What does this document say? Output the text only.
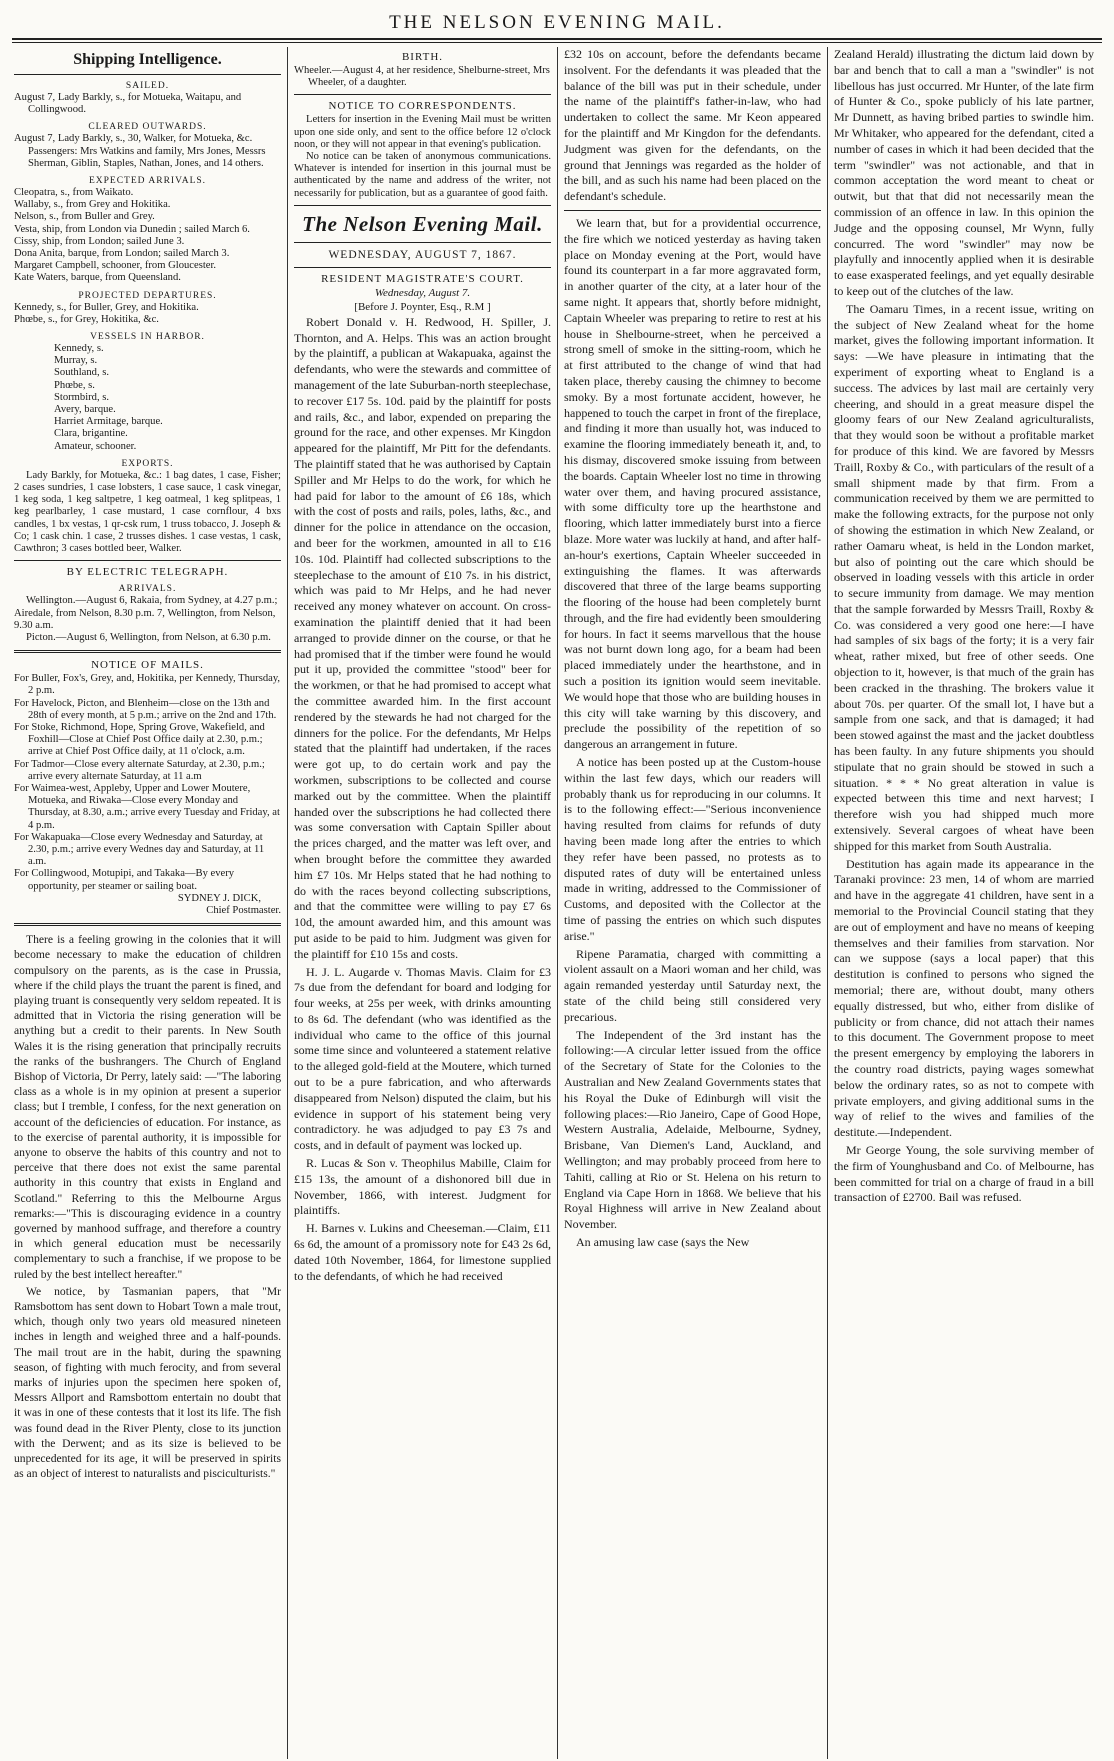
THE NELSON EVENING MAIL.
Shipping Intelligence.
SAILED.

August 7, Lady Barkly, s., for Motueka, Waitapu, and Collingwood.

CLEARED OUTWARDS.

August 7, Lady Barkly, s., 30, Walker, for Motueka, &c. Passengers: Mrs Watkins and family, Mrs Jones, Messrs Sherman, Giblin, Staples, Nathan, Jones, and 14 others.

EXPECTED ARRIVALS.

Cleopatra, s., from Waikato.

Wallaby, s., from Grey and Hokitika.

Nelson, s., from Buller and Grey.

Vesta, ship, from London via Dunedin ; sailed March 6.

Cissy, ship, from London; sailed June 3.

Dona Anita, barque, from London; sailed March 3.

Margaret Campbell, schooner, from Gloucester.

Kate Waters, barque, from Queensland.

PROJECTED DEPARTURES.

Kennedy, s., for Buller, Grey, and Hokitika.

Phœbe, s., for Grey, Hokitika, &c.

VESSELS IN HARBOR.

Kennedy, s.

Murray, s.

Southland, s.

Phœbe, s.

Stormbird, s.

Avery, barque.

Harriet Armitage, barque.

Clara, brigantine.

Amateur, schooner.

EXPORTS.

Lady Barkly, for Motueka, &c.: 1 bag dates, 1 case, Fisher; 2 cases sundries, 1 case lobsters, 1 case sauce, 1 cask vinegar, 1 keg soda, 1 keg saltpetre, 1 keg oatmeal, 1 keg splitpeas, 1 keg pearlbarley, 1 case mustard, 1 case cornflour, 4 bxs candles, 1 bx vestas, 1 qr-csk rum, 1 truss tobacco, J. Joseph & Co; 1 cask chin. 1 case, 2 trusses dishes. 1 case vestas, 1 cask, Cawthron; 3 cases bottled beer, Walker.

BY ELECTRIC TELEGRAPH.
ARRIVALS.

Wellington.—August 6, Rakaia, from Sydney, at 4.27 p.m.; Airedale, from Nelson, 8.30 p.m. 7, Wellington, from Nelson, 9.30 a.m.

Picton.—August 6, Wellington, from Nelson, at 6.30 p.m.

NOTICE OF MAILS.

For Buller, Fox's, Grey, and, Hokitika, per Kennedy, Thursday, 2 p.m.

For Havelock, Picton, and Blenheim—close on the 13th and 28th of every month, at 5 p.m.; arrive on the 2nd and 17th.

For Stoke, Richmond, Hope, Spring Grove, Wakefield, and Foxhill—Close at Chief Post Office daily at 2.30, p.m.; arrive at Chief Post Office daily, at 11 o'clock, a.m.

For Tadmor—Close every alternate Saturday, at 2.30, p.m.; arrive every alternate Saturday, at 11 a.m

For Waimea-west, Appleby, Upper and Lower Moutere, Motueka, and Riwaka—Close every Monday and Thursday, at 8.30, a.m.; arrive every Tuesday and Friday, at 4 p.m.

For Wakapuaka—Close every Wednesday and Saturday, at 2.30, p.m.; arrive every Wednes day and Saturday, at 11 a.m.

For Collingwood, Motupipi, and Takaka—By every opportunity, per steamer or sailing boat.

SYDNEY J. DICK,

Chief Postmaster.

There is a feeling growing in the colonies that it will become necessary to make the education of children compulsory on the parents, as is the case in Prussia, where if the child plays the truant the parent is fined, and playing truant is consequently very seldom repeated. It is admitted that in Victoria the rising generation will be anything but a credit to their parents. In New South Wales it is the rising generation that principally recruits the ranks of the bushrangers. The Church of England Bishop of Victoria, Dr Perry, lately said: —"The laboring class as a whole is in my opinion at present a superior class; but I tremble, I confess, for the next generation on account of the deficiencies of education. For instance, as to the exercise of parental authority, it is impossible for anyone to observe the habits of this country and not to perceive that there does not exist the same parental authority in this country that exists in England and Scotland." Referring to this the Melbourne Argus remarks:—"This is discouraging evidence in a country governed by manhood suffrage, and therefore a country in which general education must be necessarily complementary to such a franchise, if we propose to be ruled by the best intellect hereafter."

We notice, by Tasmanian papers, that "Mr Ramsbottom has sent down to Hobart Town a male trout, which, though only two years old measured nineteen inches in length and weighed three and a half-pounds. The mail trout are in the habit, during the spawning season, of fighting with much ferocity, and from several marks of injuries upon the specimen here spoken of, Messrs Allport and Ramsbottom entertain no doubt that it was in one of these contests that it lost its life. The fish was found dead in the River Plenty, close to its junction with the Derwent; and as its size is believed to be unprecedented for its age, it will be preserved in spirits as an object of interest to naturalists and pisciculturists."

BIRTH.

Wheeler.—August 4, at her residence, Shelburne-street, Mrs Wheeler, of a daughter.

NOTICE TO CORRESPONDENTS.

Letters for insertion in the Evening Mail must be written upon one side only, and sent to the office before 12 o'clock noon, or they will not appear in that evening's publication.

No notice can be taken of anonymous communications. Whatever is intended for insertion in this journal must be authenticated by the name and address of the writer, not necessarily for publication, but as a guarantee of good faith.

The Nelson Evening Mail.
WEDNESDAY, AUGUST 7, 1867.
RESIDENT MAGISTRATE'S COURT.

Wednesday, August 7.

[Before J. Poynter, Esq., R.M ]

Robert Donald v. H. Redwood, H. Spiller, J. Thornton, and A. Helps. This was an action brought by the plaintiff, a publican at Wakapuaka, against the defendants, who were the stewards and committee of management of the late Suburban-north steeplechase, to recover £17 5s. 10d. paid by the plaintiff for posts and rails, &c., and labor, expended on preparing the ground for the race, and other expenses. Mr Kingdon appeared for the plaintiff, Mr Pitt for the defendants. The plaintiff stated that he was authorised by Captain Spiller and Mr Helps to do the work, for which he had paid for labor to the amount of £6 18s, which with the cost of posts and rails, poles, laths, &c., and dinner for the police in attendance on the occasion, and beer for the workmen, amounted in all to £16 10s. 10d. Plaintiff had collected subscriptions to the steeplechase to the amount of £10 7s. in his district, which was paid to Mr Helps, and he had never received any money whatever on account. On cross-examination the plaintiff denied that it had been arranged to provide dinner on the course, or that he had promised that if the timber were found he would put it up, provided the committee "stood" beer for the workmen, or that he had promised to accept what the committee awarded him. In the first account rendered by the stewards he had not charged for the dinners for the police. For the defendants, Mr Helps stated that the plaintiff had undertaken, if the races were got up, to do certain work and pay the workmen, subscriptions to be collected and course marked out by the committee. When the plaintiff handed over the subscriptions he had collected there was some conversation with Captain Spiller about the prices charged, and the matter was left over, and when brought before the committee they awarded him £7 10s. Mr Helps stated that he had nothing to do with the races beyond collecting subscriptions, and that the committee were willing to pay £7 6s 10d, the amount awarded him, and this amount was put aside to be paid to him. Judgment was given for the plaintiff for £10 15s and costs.

H. J. L. Augarde v. Thomas Mavis. Claim for £3 7s due from the defendant for board and lodging for four weeks, at 25s per week, with drinks amounting to 8s 6d. The defendant (who was identified as the individual who came to the office of this journal some time since and volunteered a statement relative to the alleged gold-field at the Moutere, which turned out to be a pure fabrication, and who afterwards disappeared from Nelson) disputed the claim, but his evidence in support of his statement being very contradictory. he was adjudged to pay £3 7s and costs, and in default of payment was locked up.

R. Lucas & Son v. Theophilus Mabille, Claim for £15 13s, the amount of a dishonored bill due in November, 1866, with interest. Judgment for plaintiffs.

H. Barnes v. Lukins and Cheeseman.—Claim, £11 6s 6d, the amount of a promissory note for £43 2s 6d, dated 10th November, 1864, for limestone supplied to the defendants, of which he had received

£32 10s on account, before the defendants became insolvent. For the defendants it was pleaded that the balance of the bill was put in their schedule, under the name of the plaintiff's father-in-law, who had undertaken to collect the same. Mr Keon appeared for the plaintiff and Mr Kingdon for the defendants. Judgment was given for the defendants, on the ground that Jennings was regarded as the holder of the bill, and as such his name had been placed on the defendant's schedule.

We learn that, but for a providential occurrence, the fire which we noticed yesterday as having taken place on Monday evening at the Port, would have found its counterpart in a far more aggravated form, in another quarter of the city, at a later hour of the same night. It appears that, shortly before midnight, Captain Wheeler was preparing to retire to rest at his house in Shelbourne-street, when he perceived a strong smell of smoke in the sitting-room, which he at first attributed to the change of wind that had taken place, thereby causing the chimney to become smoky. By a most fortunate accident, however, he happened to touch the carpet in front of the fireplace, and finding it more than usually hot, was induced to examine the flooring immediately beneath it, and, to his dismay, discovered smoke issuing from between the boards. Captain Wheeler lost no time in throwing water over them, and having procured assistance, with some difficulty tore up the hearthstone and flooring, which latter immediately burst into a fierce blaze. More water was luckily at hand, and after half-an-hour's exertions, Captain Wheeler succeeded in extinguishing the flames. It was afterwards discovered that three of the large beams supporting the flooring of the house had been completely burnt through, and the fire had evidently been smouldering for hours. In fact it seems marvellous that the house was not burnt down long ago, for a beam had been placed immediately under the hearthstone, and in such a position its ignition would seem inevitable. We would hope that those who are building houses in this city will take warning by this discovery, and preclude the possibility of the repetition of so dangerous an arrangement in future.

A notice has been posted up at the Custom-house within the last few days, which our readers will probably thank us for reproducing in our columns. It is to the following effect:—"Serious inconvenience having resulted from claims for refunds of duty having been made long after the entries to which they refer have been passed, no protests as to disputed rates of duty will be entertained unless made in writing, addressed to the Commissioner of Customs, and deposited with the Collector at the time of passing the entries on which such disputes arise."

Ripene Paramatia, charged with committing a violent assault on a Maori woman and her child, was again remanded yesterday until Saturday next, the state of the child being still considered very precarious.

The Independent of the 3rd instant has the following:—A circular letter issued from the office of the Secretary of State for the Colonies to the Australian and New Zealand Governments states that his Royal the Duke of Edinburgh will visit the following places:—Rio Janeiro, Cape of Good Hope, Western Australia, Adelaide, Melbourne, Sydney, Brisbane, Van Diemen's Land, Auckland, and Wellington; and may probably proceed from here to Tahiti, calling at Rio or St. Helena on his return to England via Cape Horn in 1868. We believe that his Royal Highness will arrive in New Zealand about November.

An amusing law case (says the New

Zealand Herald) illustrating the dictum laid down by bar and bench that to call a man a "swindler" is not libellous has just occurred. Mr Hunter, of the late firm of Hunter & Co., spoke publicly of his late partner, Mr Dunnett, as having bribed parties to swindle him. Mr Whitaker, who appeared for the defendant, cited a number of cases in which it had been decided that the term "swindler" was not actionable, and that in common acceptation the word meant to cheat or outwit, but that that did not necessarily mean the commission of an offence in law. In this opinion the Judge and the opposing counsel, Mr Wynn, fully concurred. The word "swindler" may now be playfully and innocently applied when it is desirable to ease exasperated feelings, and yet equally desirable to keep out of the clutches of the law.

The Oamaru Times, in a recent issue, writing on the subject of New Zealand wheat for the home market, gives the following important information. It says: —We have pleasure in intimating that the experiment of exporting wheat to England is a success. The advices by last mail are certainly very cheering, and should in a great measure dispel the gloomy fears of our New Zealand agriculturalists, that they would soon be without a profitable market for produce of this kind. We are favored by Messrs Traill, Roxby & Co., with particulars of the result of a small shipment made by that firm. From a communication received by them we are permitted to make the following extracts, for the purpose not only of showing the estimation in which New Zealand, or rather Oamaru wheat, is held in the London market, but also of pointing out the care which should be observed in loading vessels with this article in order to secure immunity from damage. We may mention that the sample forwarded by Messrs Traill, Roxby & Co. was considered a very good one here:—I have had samples of six bags of the forty; it is a very fair wheat, rather mixed, but free of other seeds. One objection to it, however, is that much of the grain has been cracked in the thrashing. The brokers value it about 70s. per quarter. Of the small lot, I have but a sample from one sack, and that is damaged; it had been stowed against the mast and the jacket doubtless has been faulty. In any future shipments you should stipulate that no grain should be stowed in such a situation. * * * No great alteration in value is expected between this time and next harvest; I therefore wish you had shipped much more extensively. Several cargoes of wheat have been shipped for this market from South Australia.

Destitution has again made its appearance in the Taranaki province: 23 men, 14 of whom are married and have in the aggregate 41 children, have sent in a memorial to the Provincial Council stating that they are out of employment and have no means of keeping themselves and their families from starvation. Nor can we suppose (says a local paper) that this destitution is confined to persons who signed the memorial; there are, without doubt, many others equally distressed, but who, either from dislike of publicity or from chance, did not attach their names to this document. The Government propose to meet the present emergency by employing the laborers in the country road districts, paying wages somewhat below the ordinary rates, so as not to compete with private employers, and giving additional sums in the way of relief to the wives and families of the destitute.—Independent.

Mr George Young, the sole surviving member of the firm of Younghusband and Co. of Melbourne, has been committed for trial on a charge of fraud in a bill transaction of £2700. Bail was refused.
